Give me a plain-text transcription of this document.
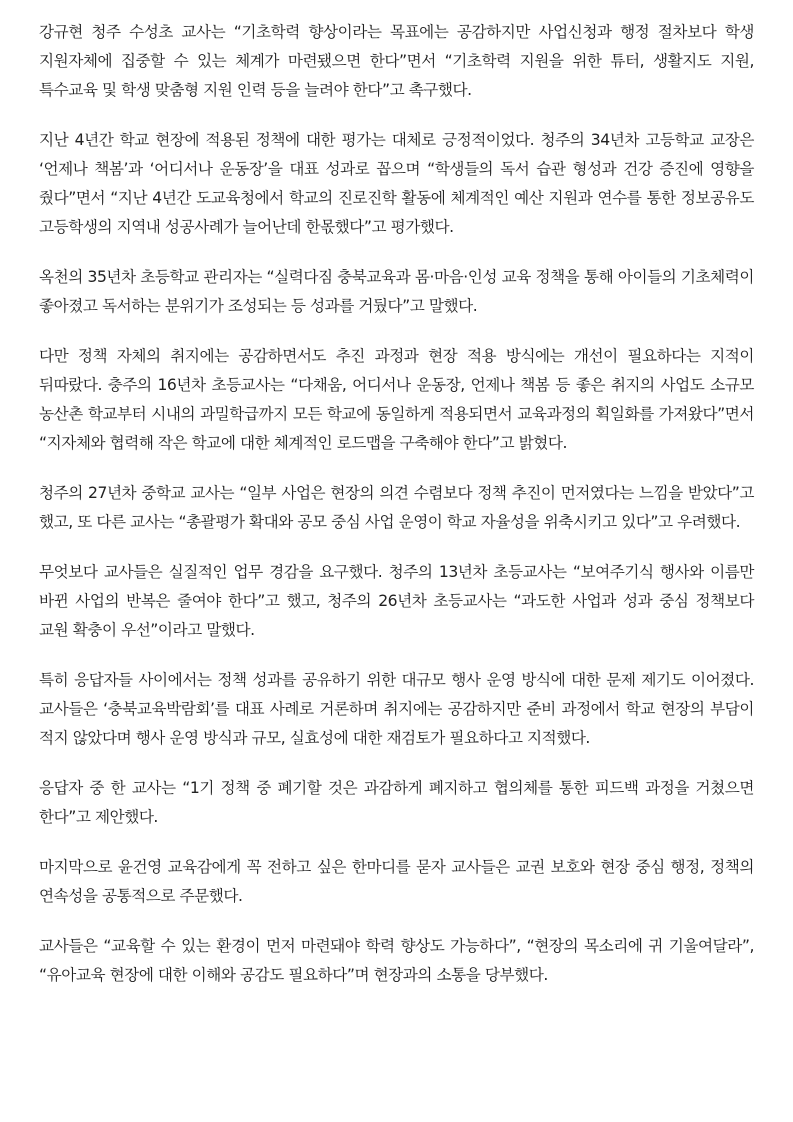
강규현 청주 수성초 교사는 “기초학력 향상이라는 목표에는 공감하지만 사업신청과 행정 절차보다 학생 지원자체에 집중할 수 있는 체계가 마련됐으면 한다”면서 “기초학력 지원을 위한 튜터, 생활지도 지원, 특수교육 및 학생 맞춤형 지원 인력 등을 늘려야 한다”고 촉구했다.

지난 4년간 학교 현장에 적용된 정책에 대한 평가는 대체로 긍정적이었다. 청주의 34년차 고등학교 교장은 ‘언제나 책봄’과 ‘어디서나 운동장’을 대표 성과로 꼽으며 “학생들의 독서 습관 형성과 건강 증진에 영향을 줬다”면서 “지난 4년간 도교육청에서 학교의 진로진학 활동에 체계적인 예산 지원과 연수를 통한 정보공유도 고등학생의 지역내 성공사례가 늘어난데 한몫했다”고 평가했다.

옥천의 35년차 초등학교 관리자는 “실력다짐 충북교육과 몸·마음·인성 교육 정책을 통해 아이들의 기초체력이 좋아졌고 독서하는 분위기가 조성되는 등 성과를 거뒀다”고 말했다.

다만 정책 자체의 취지에는 공감하면서도 추진 과정과 현장 적용 방식에는 개선이 필요하다는 지적이 뒤따랐다. 충주의 16년차 초등교사는 “다채움, 어디서나 운동장, 언제나 책봄 등 좋은 취지의 사업도 소규모 농산촌 학교부터 시내의 과밀학급까지 모든 학교에 동일하게 적용되면서 교육과정의 획일화를 가져왔다”면서 “지자체와 협력해 작은 학교에 대한 체계적인 로드맵을 구축해야 한다”고 밝혔다.

청주의 27년차 중학교 교사는 “일부 사업은 현장의 의견 수렴보다 정책 추진이 먼저였다는 느낌을 받았다”고 했고, 또 다른 교사는 “총괄평가 확대와 공모 중심 사업 운영이 학교 자율성을 위축시키고 있다”고 우려했다.

무엇보다 교사들은 실질적인 업무 경감을 요구했다. 청주의 13년차 초등교사는 “보여주기식 행사와 이름만 바뀐 사업의 반복은 줄여야 한다”고 했고, 청주의 26년차 초등교사는 “과도한 사업과 성과 중심 정책보다 교원 확충이 우선”이라고 말했다.

특히 응답자들 사이에서는 정책 성과를 공유하기 위한 대규모 행사 운영 방식에 대한 문제 제기도 이어졌다. 교사들은 ‘충북교육박람회’를 대표 사례로 거론하며 취지에는 공감하지만 준비 과정에서 학교 현장의 부담이 적지 않았다며 행사 운영 방식과 규모, 실효성에 대한 재검토가 필요하다고 지적했다.

응답자 중 한 교사는 “1기 정책 중 폐기할 것은 과감하게 폐지하고 협의체를 통한 피드백 과정을 거쳤으면 한다”고 제안했다.

마지막으로 윤건영 교육감에게 꼭 전하고 싶은 한마디를 묻자 교사들은 교권 보호와 현장 중심 행정, 정책의 연속성을 공통적으로 주문했다.

교사들은 “교육할 수 있는 환경이 먼저 마련돼야 학력 향상도 가능하다”, “현장의 목소리에 귀 기울여달라”, “유아교육 현장에 대한 이해와 공감도 필요하다”며 현장과의 소통을 당부했다.
